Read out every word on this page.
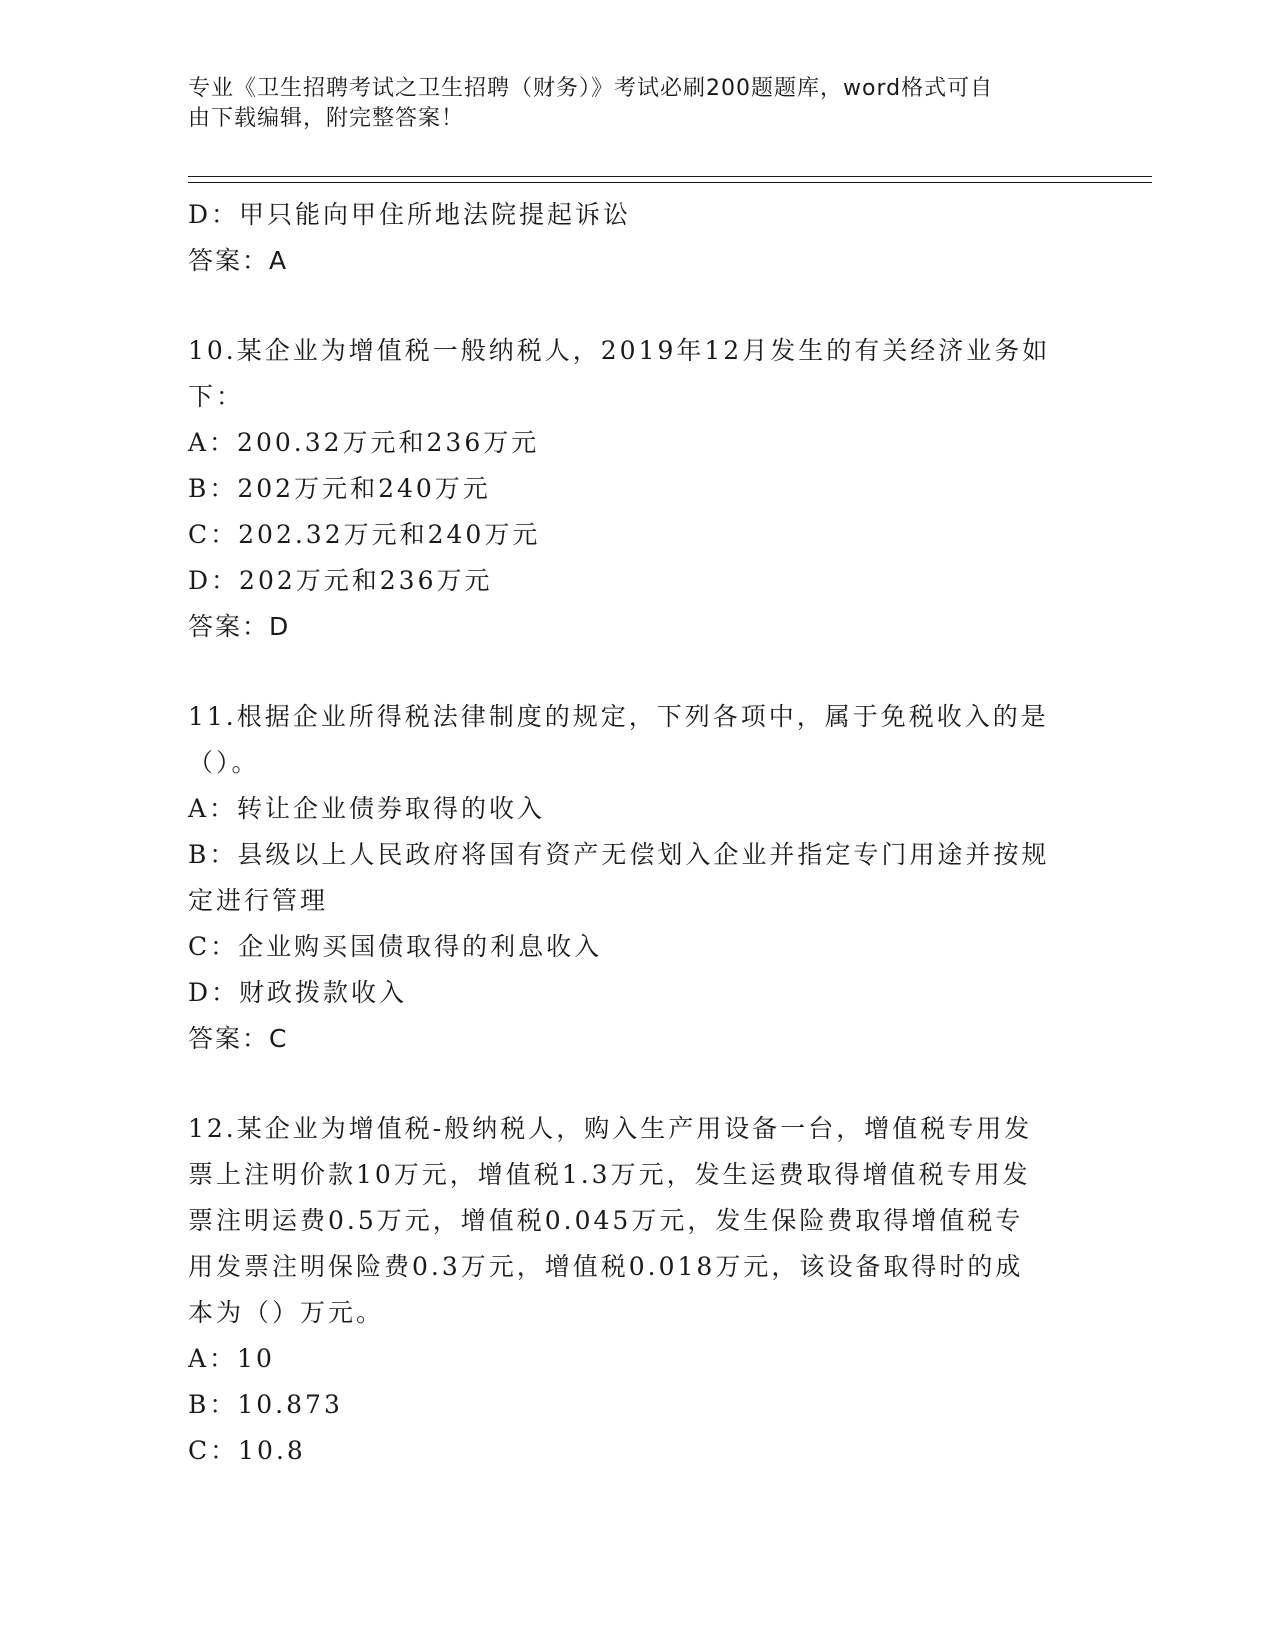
专业《卫生招聘考试之卫生招聘（财务）》考试必刷200题题库，word格式可自
由下载编辑，附完整答案！
D：甲只能向甲住所地法院提起诉讼
答案：A
10.某企业为增值税一般纳税人，2019年12月发生的有关经济业务如
下：
A：200.32万元和236万元
B：202万元和240万元
C：202.32万元和240万元
D：202万元和236万元
答案：D
11.根据企业所得税法律制度的规定，下列各项中，属于免税收入的是
（）。
A：转让企业债券取得的收入
B：县级以上人民政府将国有资产无偿划入企业并指定专门用途并按规
定进行管理
C：企业购买国债取得的利息收入
D：财政拨款收入
答案：C
12.某企业为增值税-般纳税人，购入生产用设备一台，增值税专用发
票上注明价款10万元，增值税1.3万元，发生运费取得增值税专用发
票注明运费0.5万元，增值税0.045万元，发生保险费取得增值税专
用发票注明保险费0.3万元，增值税0.018万元，该设备取得时的成
本为（）万元。
A：10
B：10.873
C：10.8
